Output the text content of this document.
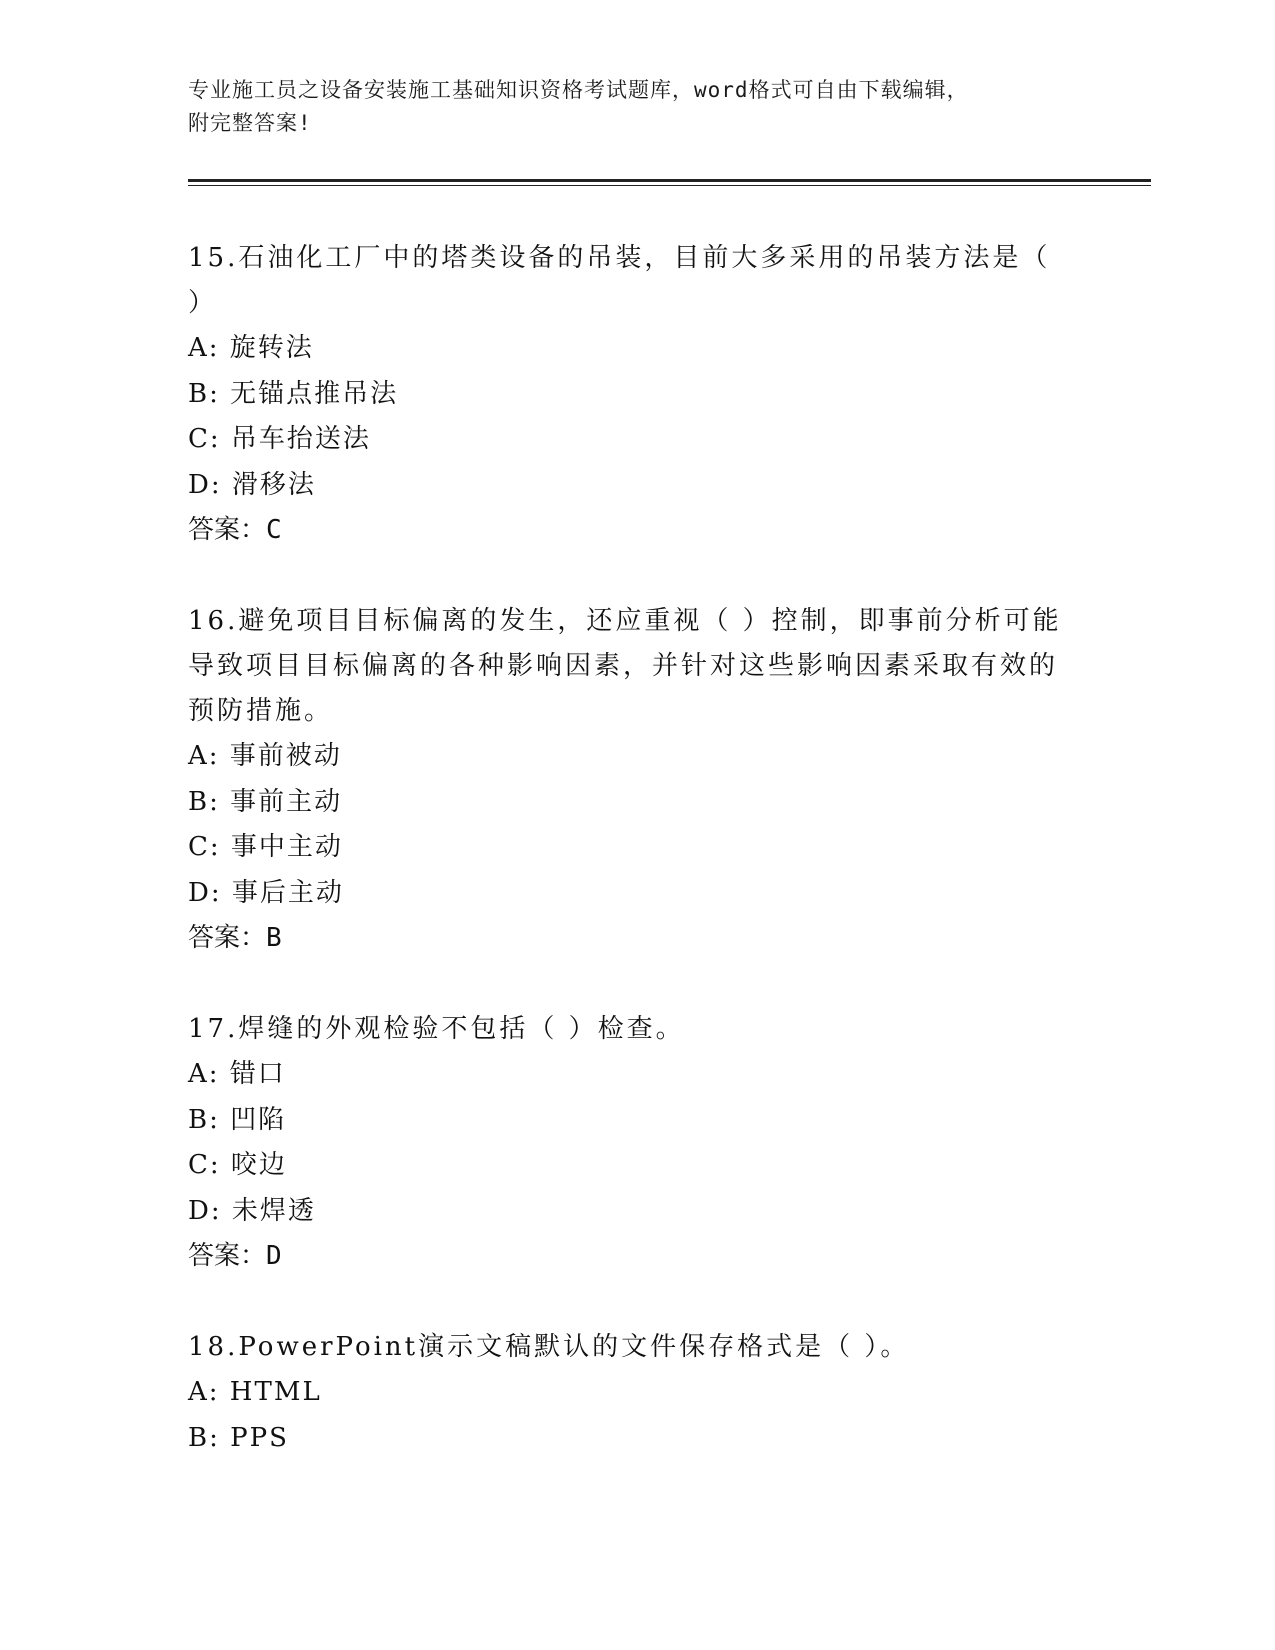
专业施工员之设备安装施工基础知识资格考试题库，word格式可自由下载编辑，
附完整答案!

15.石油化工厂中的塔类设备的吊装，目前大多采用的吊装方法是（ ）

A: 旋转法

B: 无锚点推吊法

C: 吊车抬送法

D: 滑移法

答案：C

16.避免项目目标偏离的发生，还应重视（ ）控制，即事前分析可能导致项目目标偏离的各种影响因素，并针对这些影响因素采取有效的预防措施。

A: 事前被动

B: 事前主动

C: 事中主动

D: 事后主动

答案：B

17.焊缝的外观检验不包括（ ）检查。

A: 错口

B: 凹陷

C: 咬边

D: 未焊透

答案：D

18.PowerPoint演示文稿默认的文件保存格式是（ ）。

A: HTML

B: PPS
